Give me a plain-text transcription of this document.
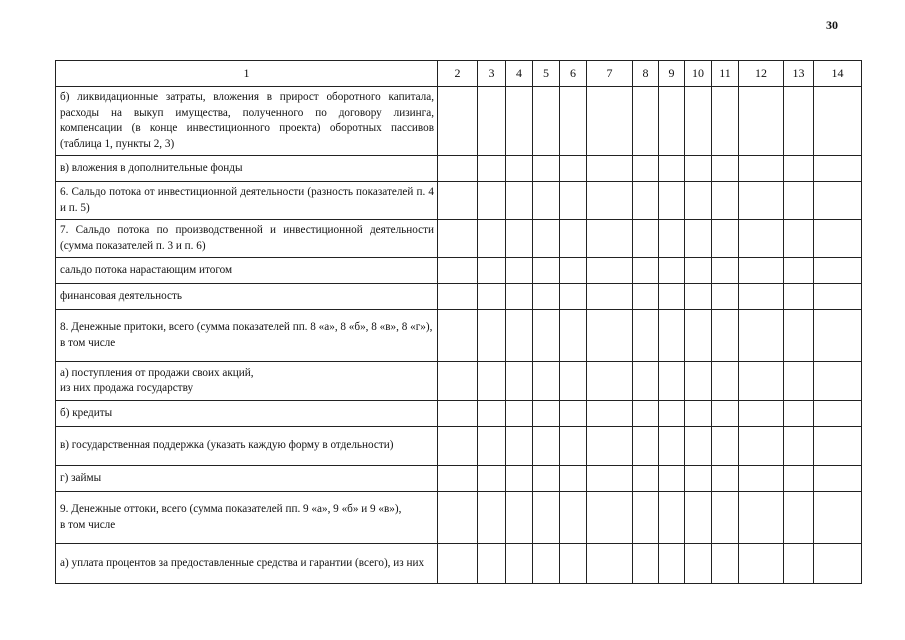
30
1	2	3	4	5	6	7	8	9	10	11	12	13	14
б) ликвидационные затраты, вложения в прирост оборотного капитала, расходы на выкуп имущества, полученного по договору лизинга, компенсации (в конце инвестиционного проекта) оборотных пассивов (таблица 1, пункты 2, 3)													
в) вложения в дополнительные фонды													
6. Сальдо потока от инвестиционной деятельности (разность показателей п. 4 и п. 5)													
7. Сальдо потока по производственной и инвестиционной деятельности (сумма показателей п. 3 и п. 6)													
сальдо потока нарастающим итогом													
финансовая деятельность													
8. Денежные притоки, всего (сумма показателей пп. 8 «а», 8 «б», 8 «в», 8 «г»),
в том числе													
а) поступления от продажи своих акций,
из них продажа государству													
б) кредиты													
в) государственная поддержка (указать каждую форму в отдельности)													
г) займы													
9. Денежные оттоки, всего (сумма показателей пп. 9 «а», 9 «б» и 9 «в»),
в том числе													
а) уплата процентов за предоставленные средства и гарантии (всего), из них													
